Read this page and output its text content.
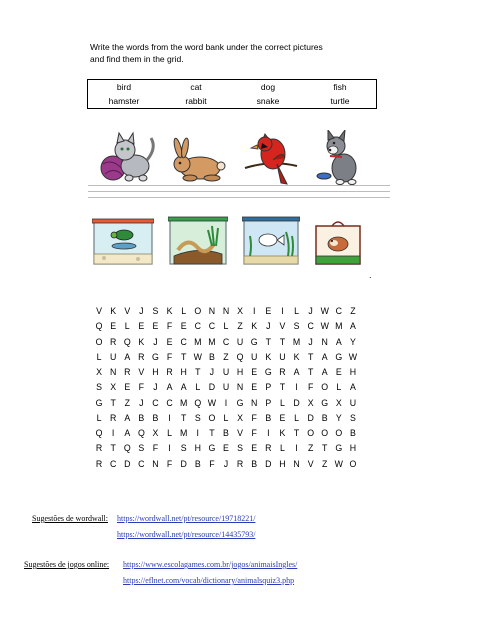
Write the words from the word bank under the correct pictures
and find them in the grid.
bird	cat	dog	fish
hamster	rabbit	snake	turtle
.
V K V	J	S K L O N N X	I	E	I	L	J W C Z
Q E L E E F E C C L	Z K	J	V S C W M A
O R Q K	J	E C M M C U G T T M J N A Y
L U A R G F T W B Z Q U K U K T A G W
X N R V H R H T	J U H E G R A T A E H
S X E F	J	A A L D U N E P T	I	F O L A
G T Z	J C C M Q W I	G N P L D X G X U
L R A B B	I	T S O L X F B E L D B Y S
Q	I	A Q X L M	I	T B V F	I	K T O O O B
R T Q S F	I	S H G E S E R L	I	Z T G H
R C D C N F D B F	J R B D H N V Z W O
Sugestões de wordwall: https://wordwall.net/pt/resource/19718221/
https://wordwall.net/pt/resource/14435793/
Sugestões de jogos online: https://www.escolagames.com.br/jogos/animaisIngles/
https://eflnet.com/vocab/dictionary/animalsquiz3.php
